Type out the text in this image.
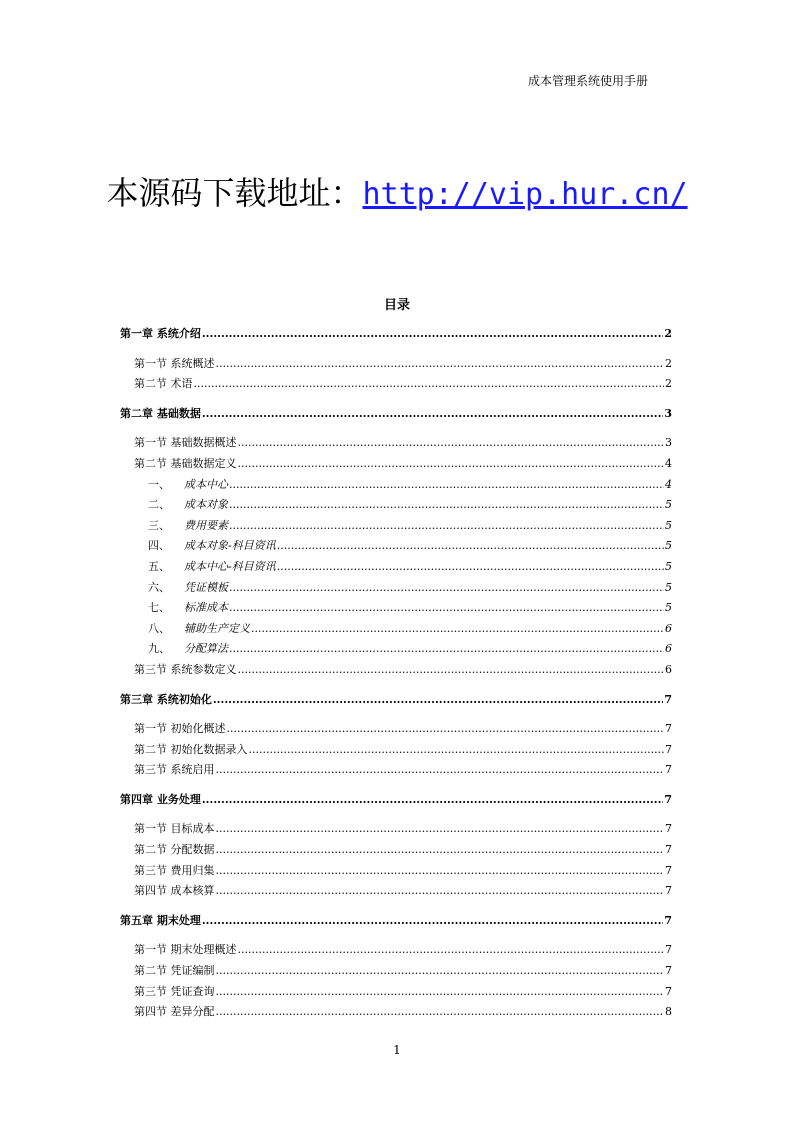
成本管理系统使用手册
本源码下载地址：http://vip.hur.cn/
目录
第一章 系统介绍 .....	2
第一节 系统概述 .....	2
第二节 术语 .....	2
第二章 基础数据 .....	3
第一节 基础数据概述 .....	3
第二节 基础数据定义 .....	4
一、 成本中心 .....	4
二、 成本对象 .....	5
三、 费用要素 .....	5
四、 成本对象-科目资讯 .....	5
五、 成本中心-科目资讯 .....	5
六、 凭证模板 .....	5
七、 标准成本 .....	5
八、 辅助生产定义 .....	6
九、 分配算法 .....	6
第三节 系统参数定义 .....	6
第三章 系统初始化 .....	7
第一节 初始化概述 .....	7
第二节 初始化数据录入 .....	7
第三节 系统启用 .....	7
第四章 业务处理 .....	7
第一节 目标成本 .....	7
第二节 分配数据 .....	7
第三节 费用归集 .....	7
第四节 成本核算 .....	7
第五章 期末处理 .....	7
第一节 期末处理概述 .....	7
第二节 凭证编制 .....	7
第三节 凭证查询 .....	7
第四节 差异分配 .....	8
1
